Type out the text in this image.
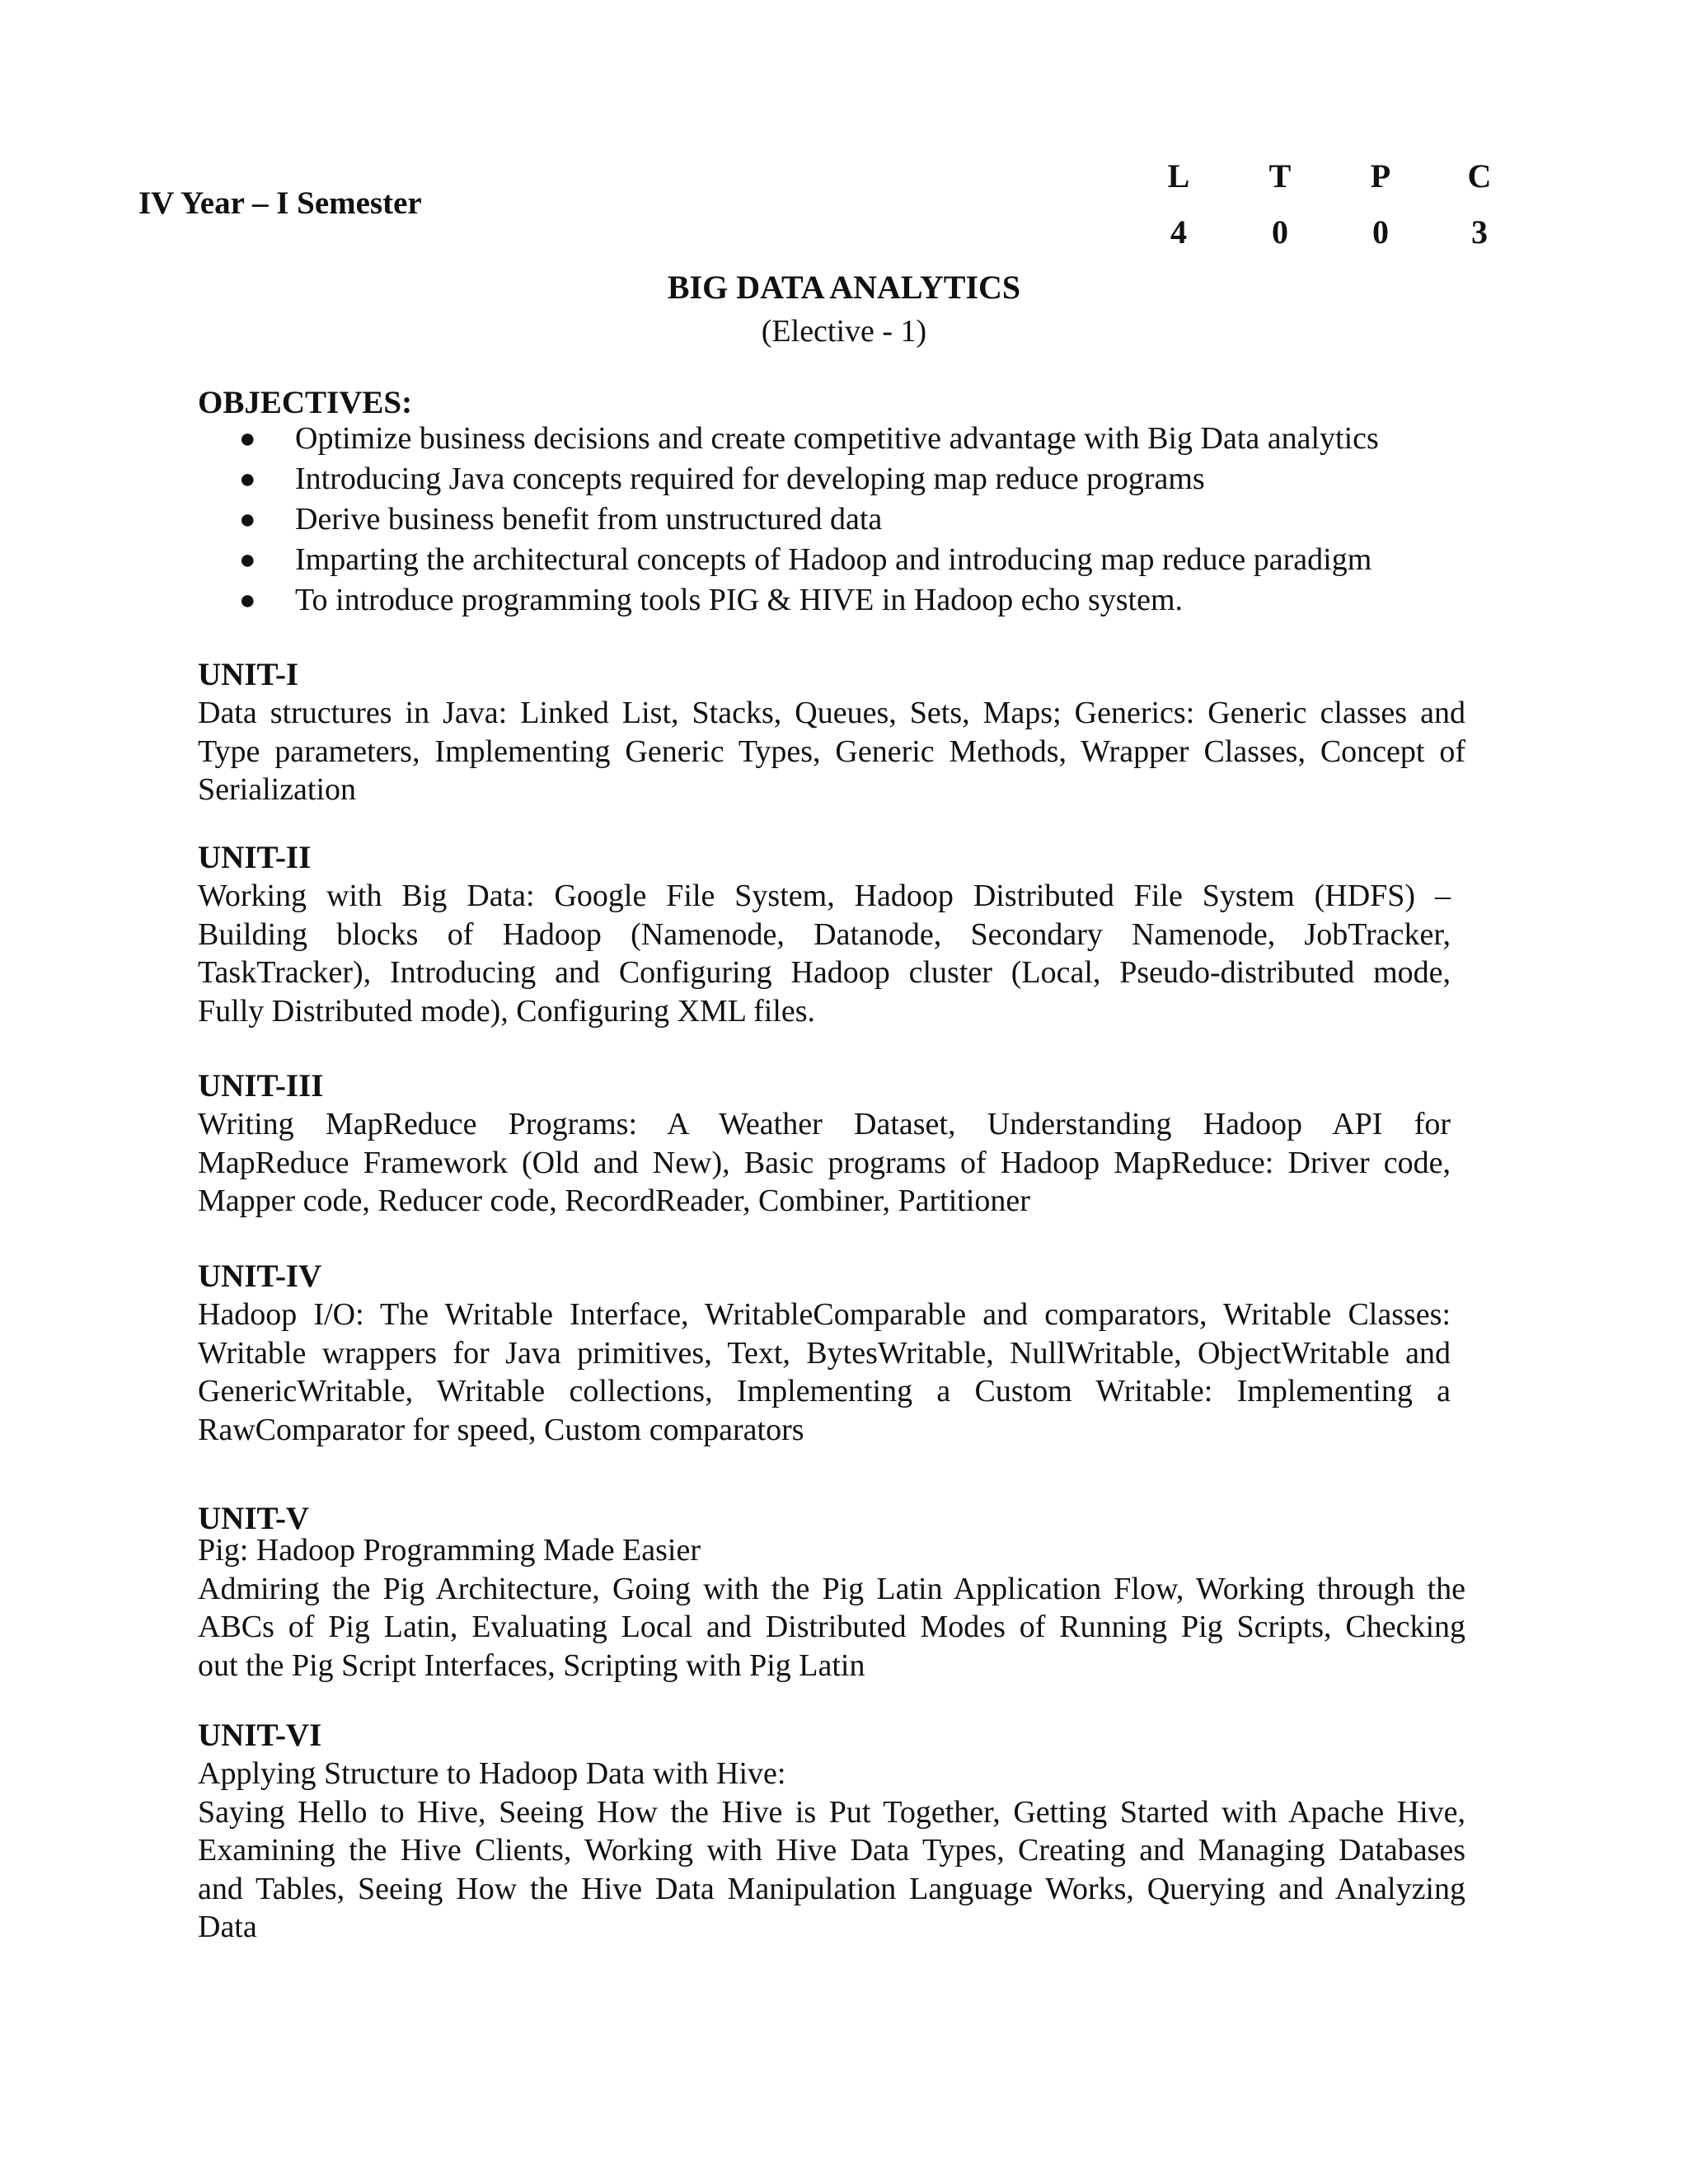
IV Year – I Semester
L	T	P	C
4	0	0	3
BIG DATA ANALYTICS
(Elective - 1)
OBJECTIVES:
● Optimize business decisions and create competitive advantage with Big Data analytics
● Introducing Java concepts required for developing map reduce programs
● Derive business benefit from unstructured data
● Imparting the architectural concepts of Hadoop and introducing map reduce paradigm
● To introduce programming tools PIG & HIVE in Hadoop echo system.
UNIT-I
Data structures in Java: Linked List, Stacks, Queues, Sets, Maps; Generics: Generic classes and
Type parameters, Implementing Generic Types, Generic Methods, Wrapper Classes, Concept of
Serialization
UNIT-II
Working with Big Data: Google File System, Hadoop Distributed File System (HDFS) –
Building blocks of Hadoop (Namenode, Datanode, Secondary Namenode, JobTracker,
TaskTracker), Introducing and Configuring Hadoop cluster (Local, Pseudo-distributed mode,
Fully Distributed mode), Configuring XML files.
UNIT-III
Writing MapReduce Programs: A Weather Dataset, Understanding Hadoop API for
MapReduce Framework (Old and New), Basic programs of Hadoop MapReduce: Driver code,
Mapper code, Reducer code, RecordReader, Combiner, Partitioner
UNIT-IV
Hadoop I/O: The Writable Interface, WritableComparable and comparators, Writable Classes:
Writable wrappers for Java primitives, Text, BytesWritable, NullWritable, ObjectWritable and
GenericWritable, Writable collections, Implementing a Custom Writable: Implementing a
RawComparator for speed, Custom comparators
UNIT-V
Pig: Hadoop Programming Made Easier
Admiring the Pig Architecture, Going with the Pig Latin Application Flow, Working through the
ABCs of Pig Latin, Evaluating Local and Distributed Modes of Running Pig Scripts, Checking
out the Pig Script Interfaces, Scripting with Pig Latin
UNIT-VI
Applying Structure to Hadoop Data with Hive:
Saying Hello to Hive, Seeing How the Hive is Put Together, Getting Started with Apache Hive,
Examining the Hive Clients, Working with Hive Data Types, Creating and Managing Databases
and Tables, Seeing How the Hive Data Manipulation Language Works, Querying and Analyzing
Data
